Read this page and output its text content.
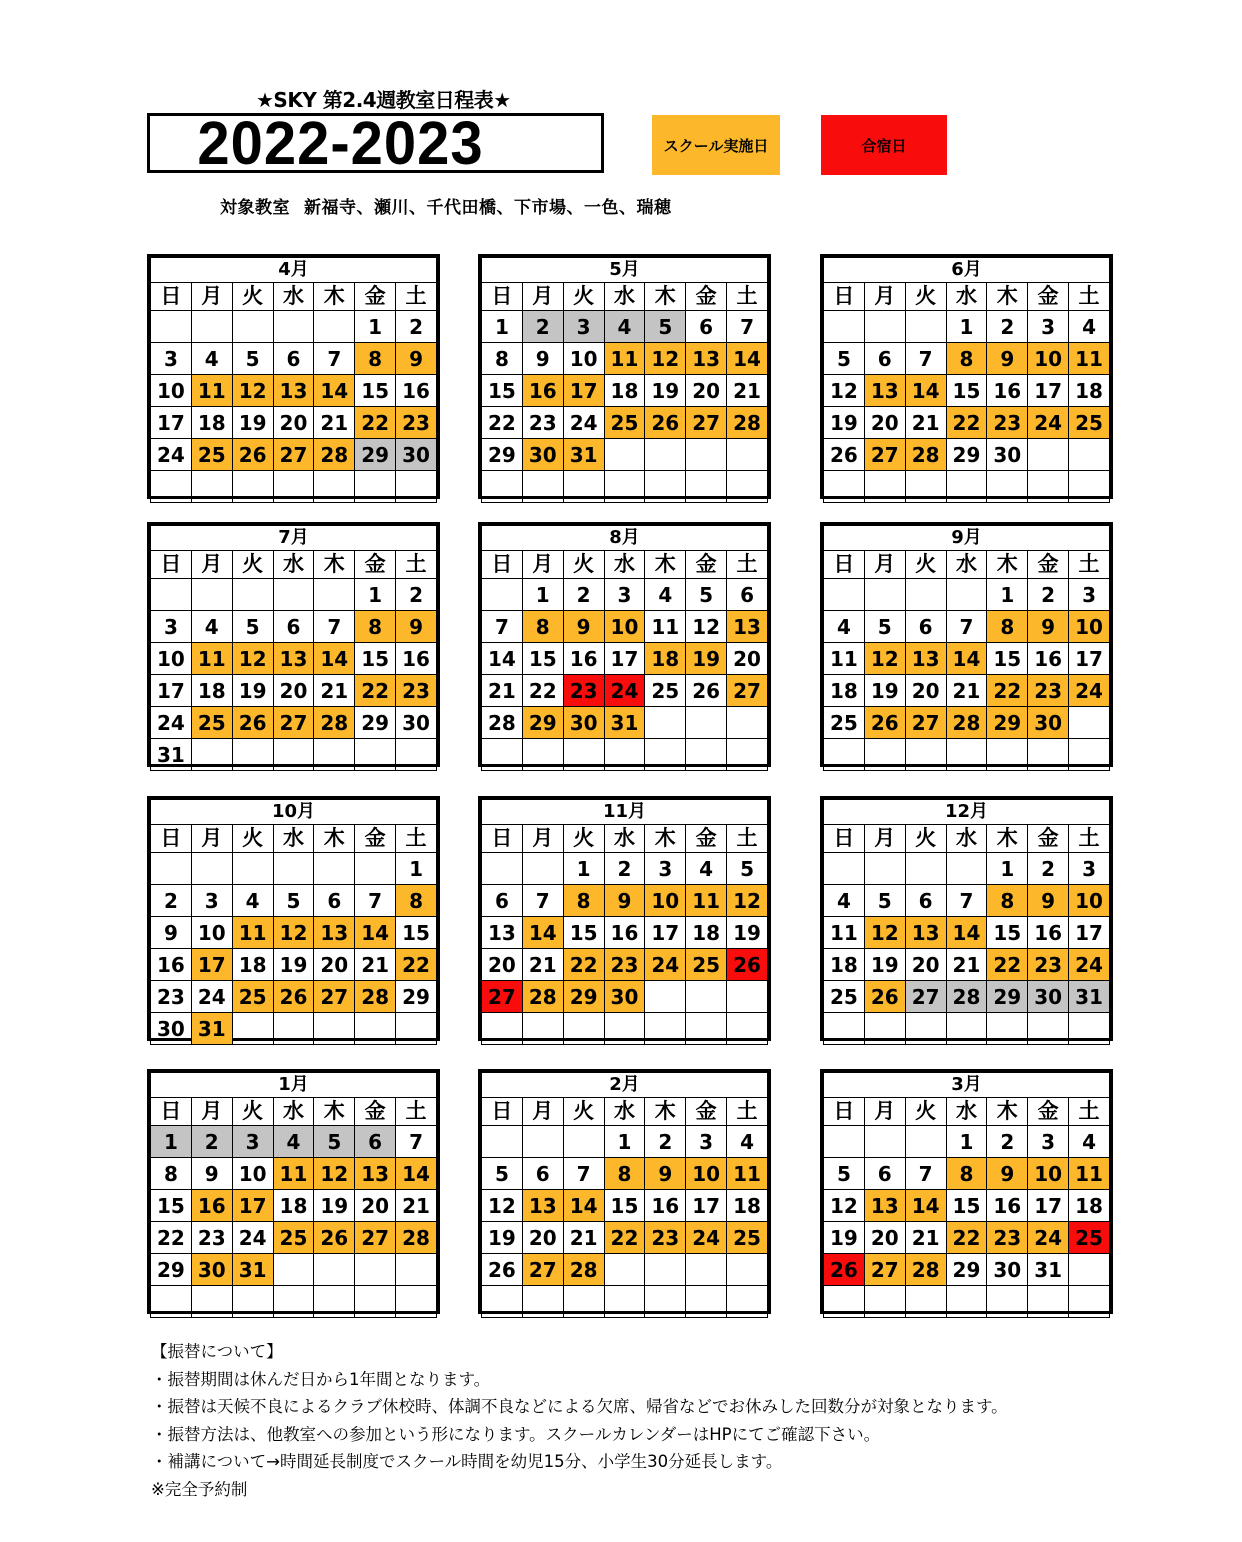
★SKY 第2.4週教室日程表★
2022-2023	スクール実施日	合宿日
対象教室 新福寺、瀬川、千代田橋、下市場、一色、瑞穂
4月						
日	月	火	水	木	金	土
					1	2
3	4	5	6	7	8	9
10	11	12	13	14	15	16
17	18	19	20	21	22	23
24	25	26	27	28	29	30

5月						
日	月	火	水	木	金	土
1	2	3	4	5	6	7
8	9	10	11	12	13	14
15	16	17	18	19	20	21
22	23	24	25	26	27	28
29	30	31				

6月						
日	月	火	水	木	金	土
			1	2	3	4
5	6	7	8	9	10	11
12	13	14	15	16	17	18
19	20	21	22	23	24	25
26	27	28	29	30		

7月						
日	月	火	水	木	金	土
					1	2
3	4	5	6	7	8	9
10	11	12	13	14	15	16
17	18	19	20	21	22	23
24	25	26	27	28	29	30
31						
8月						
日	月	火	水	木	金	土
	1	2	3	4	5	6
7	8	9	10	11	12	13
14	15	16	17	18	19	20
21	22	23	24	25	26	27
28	29	30	31			

9月						
日	月	火	水	木	金	土
				1	2	3
4	5	6	7	8	9	10
11	12	13	14	15	16	17
18	19	20	21	22	23	24
25	26	27	28	29	30	

10月						
日	月	火	水	木	金	土
						1
2	3	4	5	6	7	8
9	10	11	12	13	14	15
16	17	18	19	20	21	22
23	24	25	26	27	28	29
30	31					
11月						
日	月	火	水	木	金	土
		1	2	3	4	5
6	7	8	9	10	11	12
13	14	15	16	17	18	19
20	21	22	23	24	25	26
27	28	29	30			

12月						
日	月	火	水	木	金	土
				1	2	3
4	5	6	7	8	9	10
11	12	13	14	15	16	17
18	19	20	21	22	23	24
25	26	27	28	29	30	31

1月						
日	月	火	水	木	金	土
1	2	3	4	5	6	7
8	9	10	11	12	13	14
15	16	17	18	19	20	21
22	23	24	25	26	27	28
29	30	31				

2月						
日	月	火	水	木	金	土
			1	2	3	4
5	6	7	8	9	10	11
12	13	14	15	16	17	18
19	20	21	22	23	24	25
26	27	28				

3月						
日	月	火	水	木	金	土
			1	2	3	4
5	6	7	8	9	10	11
12	13	14	15	16	17	18
19	20	21	22	23	24	25
26	27	28	29	30	31	

【振替について】
・振替期間は休んだ日から1年間となります。
・振替は天候不良によるクラブ休校時、体調不良などによる欠席、帰省などでお休みした回数分が対象となります。
・振替方法は、他教室への参加という形になります。スクールカレンダーはHPにてご確認下さい。
・補講について→時間延長制度でスクール時間を幼児15分、小学生30分延長します。
※完全予約制
